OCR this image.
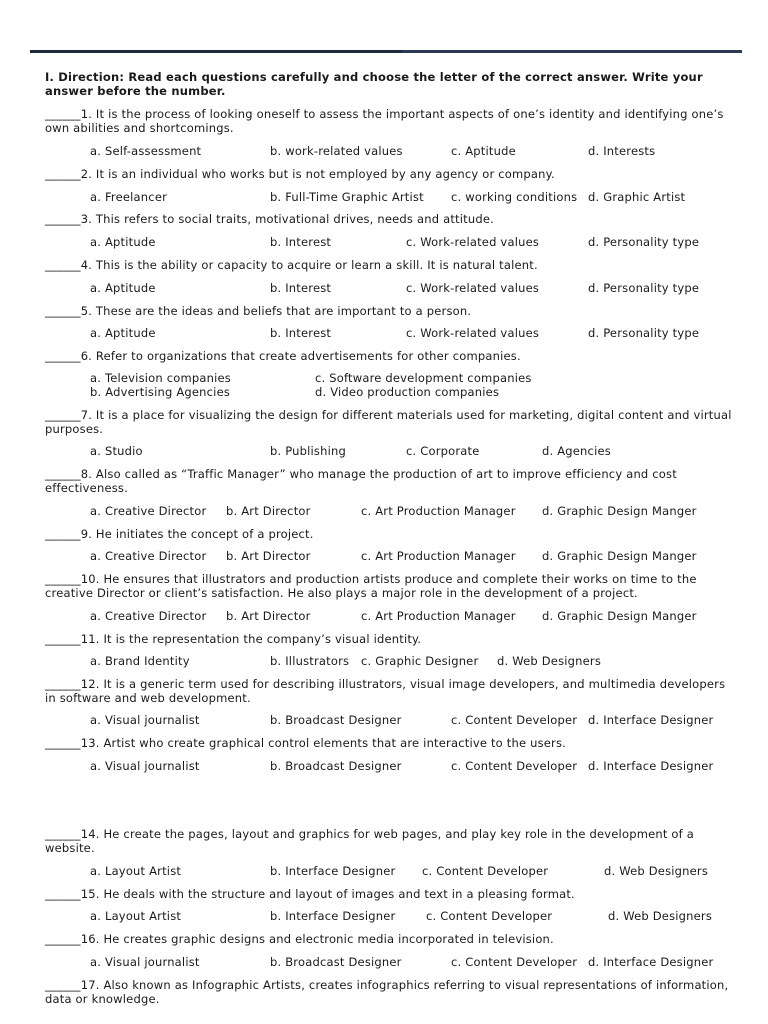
I. Direction: Read each questions carefully and choose the letter of the correct answer. Write your answer before the number.
______1. It is the process of looking oneself to assess the important aspects of one’s identity and identifying one’s own abilities and shortcomings.
a. Self-assessment	b. work-related values	c. Aptitude	d. Interests
______2. It is an individual who works but is not employed by any agency or company.
a. Freelancer	b. Full-Time Graphic Artist c. working conditions d. Graphic Artist
______3. This refers to social traits, motivational drives, needs and attitude.
a. Aptitude	b. Interest	c. Work-related values	d. Personality type
______4. This is the ability or capacity to acquire or learn a skill. It is natural talent.
a. Aptitude	b. Interest	c. Work-related values	d. Personality type
______5. These are the ideas and beliefs that are important to a person.
a. Aptitude	b. Interest	c. Work-related values	d. Personality type
______6. Refer to organizations that create advertisements for other companies.
a. Television companies	c. Software development companies
b. Advertising Agencies	d. Video production companies
______7. It is a place for visualizing the design for different materials used for marketing, digital content and virtual purposes.
a. Studio	b. Publishing	c. Corporate	d. Agencies
______8. Also called as “Traffic Manager” who manage the production of art to improve efficiency and cost effectiveness.
a. Creative Director b. Art Director	c. Art Production Manager d. Graphic Design Manger
______9. He initiates the concept of a project.
a. Creative Director b. Art Director	c. Art Production Manager d. Graphic Design Manger
______10. He ensures that illustrators and production artists produce and complete their works on time to the creative Director or client’s satisfaction. He also plays a major role in the development of a project.
a. Creative Director b. Art Director	c. Art Production Manager d. Graphic Design Manger
______11. It is the representation the company’s visual identity.
a. Brand Identity	b. Illustrators c. Graphic Designer d. Web Designers
______12. It is a generic term used for describing illustrators, visual image developers, and multimedia developers in software and web development.
a. Visual journalist	b. Broadcast Designer	c. Content Developer d. Interface Designer
______13. Artist who create graphical control elements that are interactive to the users.
a. Visual journalist	b. Broadcast Designer	c. Content Developer d. Interface Designer
______14. He create the pages, layout and graphics for web pages, and play key role in the development of a website.
a. Layout Artist	b. Interface Designer c. Content Developer	d. Web Designers
______15. He deals with the structure and layout of images and text in a pleasing format.
a. Layout Artist	b. Interface Designer	c. Content Developer	d. Web Designers
______16. He creates graphic designs and electronic media incorporated in television.
a. Visual journalist	b. Broadcast Designer	c. Content Developer d. Interface Designer
______17. Also known as Infographic Artists, creates infographics referring to visual representations of information, data or knowledge.
